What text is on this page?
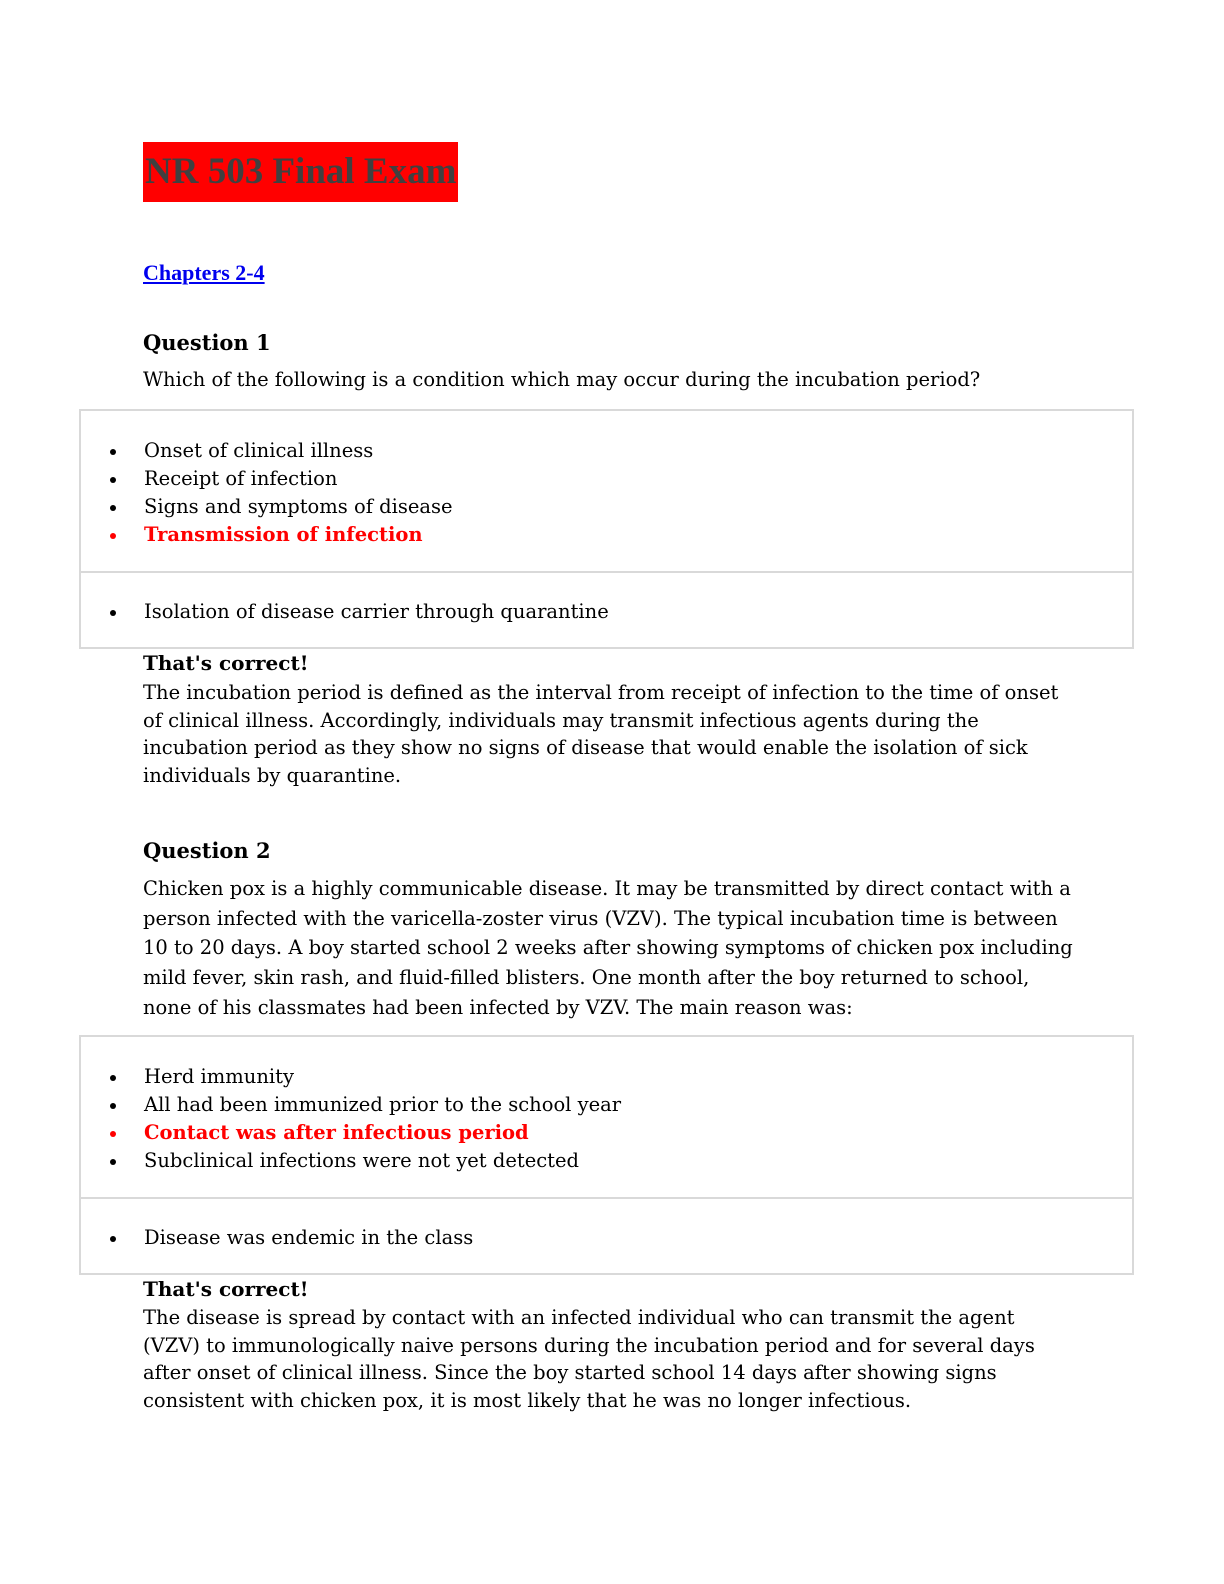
NR 503 Final Exam
Chapters 2-4
Question 1
Which of the following is a condition which may occur during the incubation period?
Onset of clinical illness
Receipt of infection
Signs and symptoms of disease
Transmission of infection
Isolation of disease carrier through quarantine
That's correct!
The incubation period is defined as the interval from receipt of infection to the time of onset of clinical illness. Accordingly, individuals may transmit infectious agents during the incubation period as they show no signs of disease that would enable the isolation of sick individuals by quarantine.
Question 2
Chicken pox is a highly communicable disease. It may be transmitted by direct contact with a person infected with the varicella-zoster virus (VZV). The typical incubation time is between 10 to 20 days. A boy started school 2 weeks after showing symptoms of chicken pox including mild fever, skin rash, and fluid-filled blisters. One month after the boy returned to school, none of his classmates had been infected by VZV. The main reason was:
Herd immunity
All had been immunized prior to the school year
Contact was after infectious period
Subclinical infections were not yet detected
Disease was endemic in the class
That's correct!
The disease is spread by contact with an infected individual who can transmit the agent (VZV) to immunologically naive persons during the incubation period and for several days after onset of clinical illness. Since the boy started school 14 days after showing signs consistent with chicken pox, it is most likely that he was no longer infectious.
